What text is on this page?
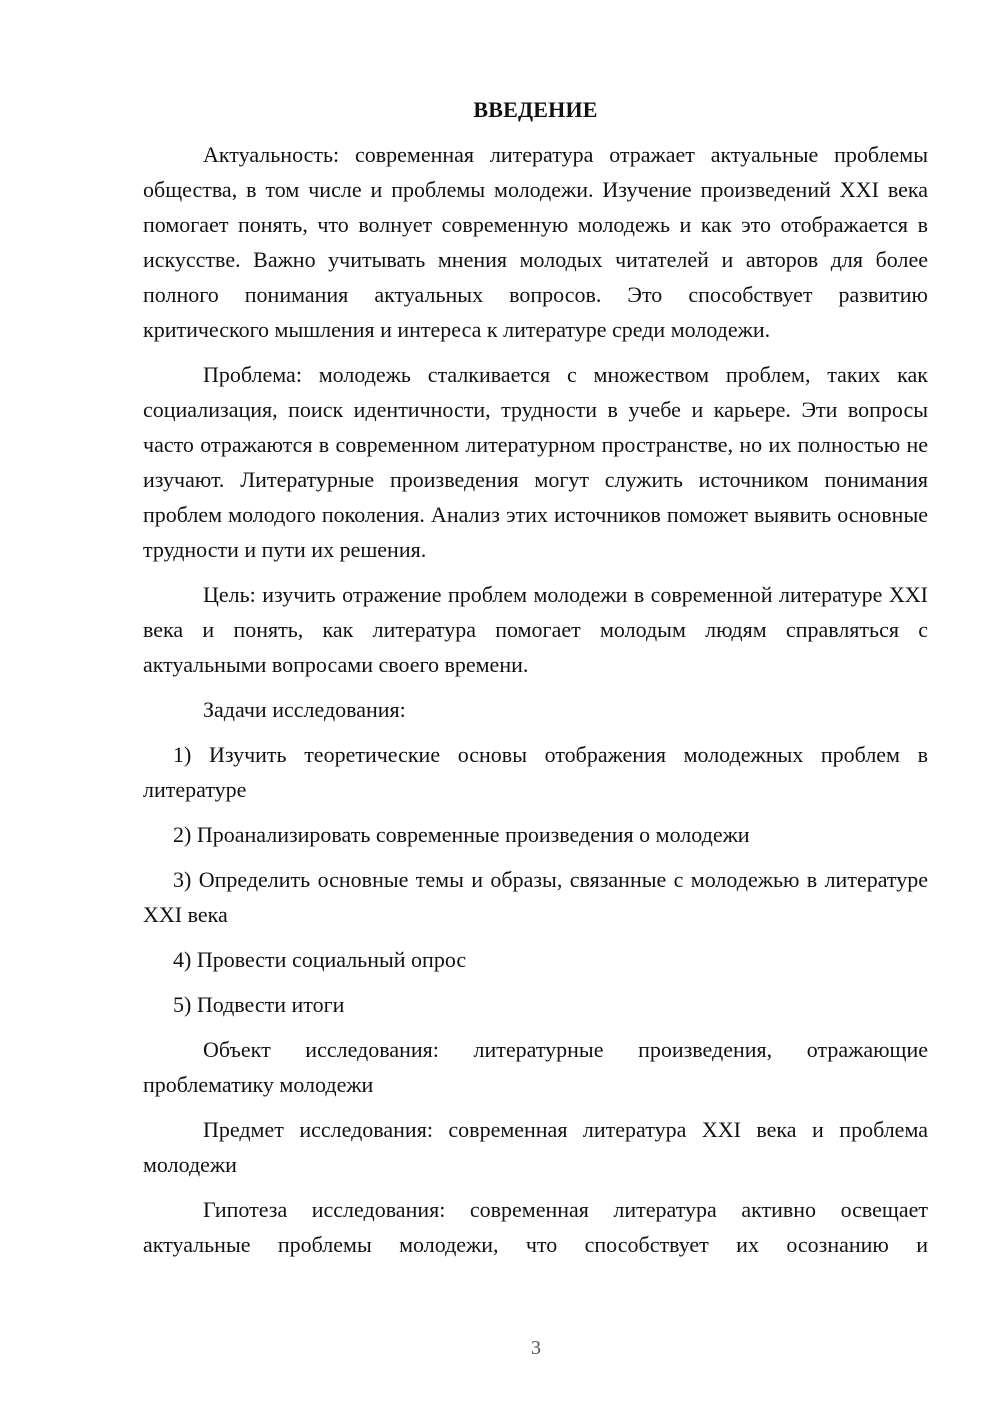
ВВЕДЕНИЕ

Актуальность: современная литература отражает актуальные проблемы общества, в том числе и проблемы молодежи. Изучение произведений XXI века помогает понять, что волнует современную молодежь и как это отображается в искусстве. Важно учитывать мнения молодых читателей и авторов для более полного понимания актуальных вопросов. Это способствует развитию критического мышления и интереса к литературе среди молодежи.

Проблема: молодежь сталкивается с множеством проблем, таких как социализация, поиск идентичности, трудности в учебе и карьере. Эти вопросы часто отражаются в современном литературном пространстве, но их полностью не изучают. Литературные произведения могут служить источником понимания проблем молодого поколения. Анализ этих источников поможет выявить основные трудности и пути их решения.

Цель: изучить отражение проблем молодежи в современной литературе XXI века и понять, как литература помогает молодым людям справляться с актуальными вопросами своего времени.

Задачи исследования:

1) Изучить теоретические основы отображения молодежных проблем в литературе

2) Проанализировать современные произведения о молодежи

3) Определить основные темы и образы, связанные с молодежью в литературе XXI века

4) Провести социальный опрос

5) Подвести итоги

Объект исследования: литературные произведения, отражающие проблематику молодежи

Предмет исследования: современная литература XXI века и проблема молодежи

Гипотеза исследования: современная литература активно освещает актуальные проблемы молодежи, что способствует их осознанию и

3
